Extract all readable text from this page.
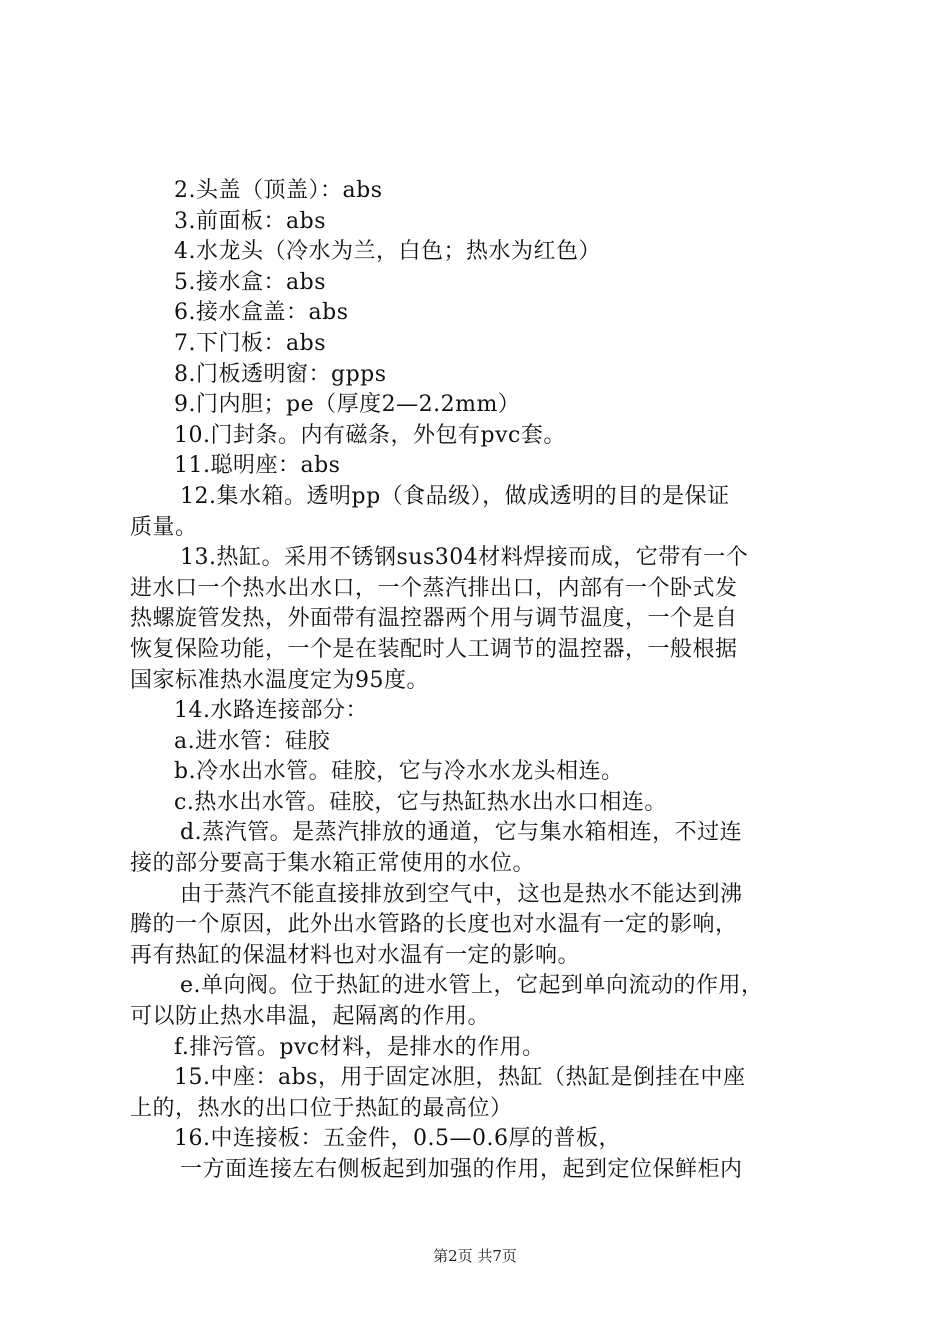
2.头盖（顶盖）：abs
3.前面板：abs
4.水龙头（冷水为兰，白色；热水为红色）
5.接水盒：abs
6.接水盒盖：abs
7.下门板：abs
8.门板透明窗：gpps
9.门内胆；pe（厚度2—2.2mm）
10.门封条。内有磁条，外包有pvc套。
11.聪明座：abs
12.集水箱。透明pp（食品级），做成透明的目的是保证
质量。
13.热缸。采用不锈钢sus304材料焊接而成，它带有一个
进水口一个热水出水口，一个蒸汽排出口，内部有一个卧式发
热螺旋管发热，外面带有温控器两个用与调节温度，一个是自
恢复保险功能，一个是在装配时人工调节的温控器，一般根据
国家标准热水温度定为95度。
14.水路连接部分：
a.进水管：硅胶
b.冷水出水管。硅胶，它与冷水水龙头相连。
c.热水出水管。硅胶，它与热缸热水出水口相连。
d.蒸汽管。是蒸汽排放的通道，它与集水箱相连，不过连
接的部分要高于集水箱正常使用的水位。
由于蒸汽不能直接排放到空气中，这也是热水不能达到沸
腾的一个原因，此外出水管路的长度也对水温有一定的影响，
再有热缸的保温材料也对水温有一定的影响。
e.单向阀。位于热缸的进水管上，它起到单向流动的作用，
可以防止热水串温，起隔离的作用。
f.排污管。pvc材料，是排水的作用。
15.中座：abs，用于固定冰胆，热缸（热缸是倒挂在中座
上的，热水的出口位于热缸的最高位）
16.中连接板：五金件，0.5—0.6厚的普板，
一方面连接左右侧板起到加强的作用，起到定位保鲜柜内
第2页 共7页
